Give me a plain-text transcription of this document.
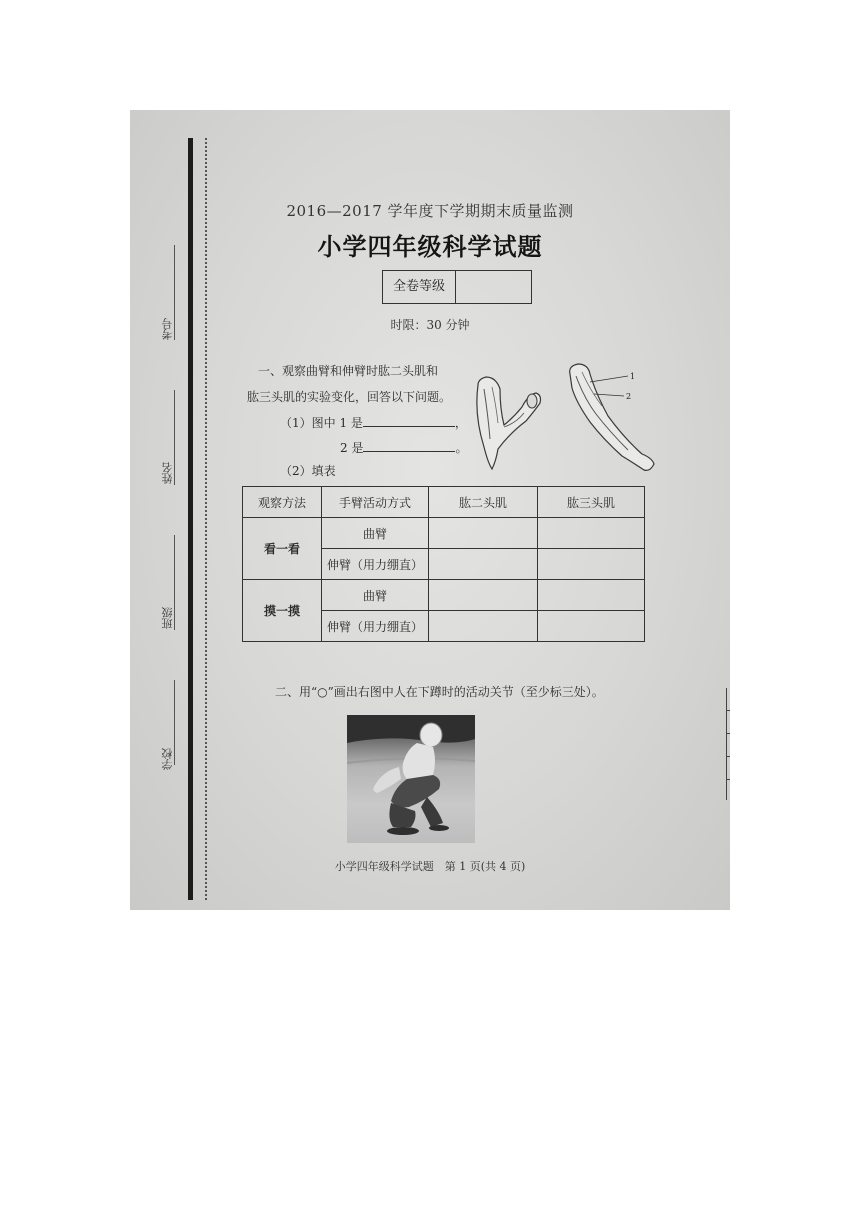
考号
姓名
班级
学校
2016—2017 学年度下学期期末质量监测
小学四年级科学试题
全卷等级
时限：30 分钟
一、观察曲臂和伸臂时肱二头肌和
肱三头肌的实验变化，回答以下问题。
（1）图中 1 是	，
2 是	。
（2）填表
1
2
观察方法	手臂活动方式	肱二头肌	肱三头肌
看一看	曲臂		
	伸臂（用力绷直）		
摸一摸	曲臂		
	伸臂（用力绷直）		
二、用“○”画出右图中人在下蹲时的活动关节（至少标三处）。
小学四年级科学试题　第 1 页(共 4 页)
